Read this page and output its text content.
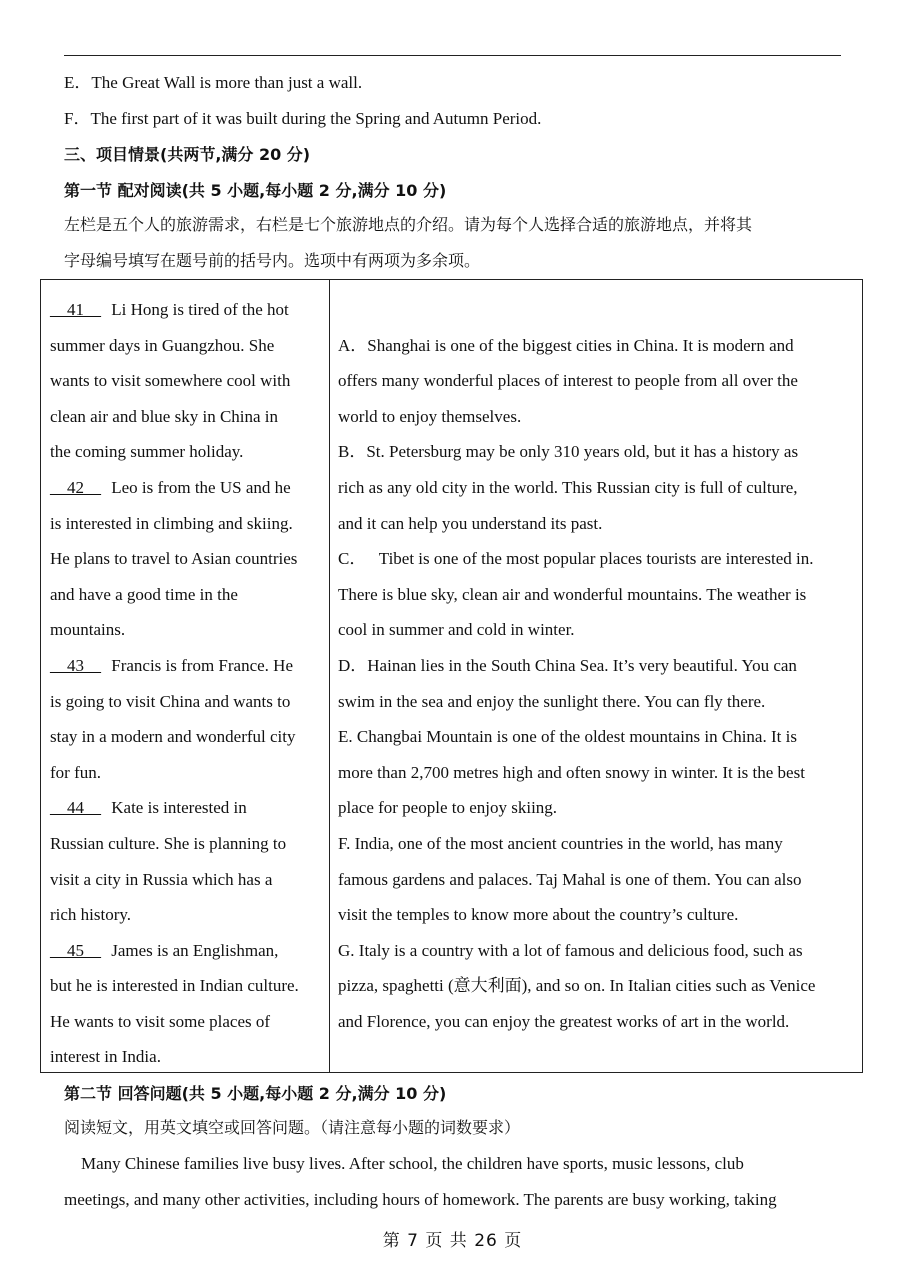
E．The Great Wall is more than just a wall.
F．The first part of it was built during the Spring and Autumn Period.
三、项目情景(共两节,满分 20 分)
第一节 配对阅读(共 5 小题,每小题 2 分,满分 10 分)
左栏是五个人的旅游需求，右栏是七个旅游地点的介绍。请为每个人选择合适的旅游地点，并将其
字母编号填写在题号前的括号内。选项中有两项为多余项。
__41__ Li Hong is tired of the hot
summer days in Guangzhou. She
wants to visit somewhere cool with
clean air and blue sky in China in
the coming summer holiday.
__42__ Leo is from the US and he
is interested in climbing and skiing.
He plans to travel to Asian countries
and have a good time in the
mountains.
__43__ Francis is from France. He
is going to visit China and wants to
stay in a modern and wonderful city
for fun.
__44__ Kate is interested in
Russian culture. She is planning to
visit a city in Russia which has a
rich history.
__45__ James is an Englishman,
but he is interested in Indian culture.
He wants to visit some places of
interest in India.
A．Shanghai is one of the biggest cities in China. It is modern and
offers many wonderful places of interest to people from all over the
world to enjoy themselves.
B．St. Petersburg may be only 310 years old, but it has a history as
rich as any old city in the world. This Russian city is full of culture,
and it can help you understand its past.
C．   Tibet is one of the most popular places tourists are interested in.
There is blue sky, clean air and wonderful mountains. The weather is
cool in summer and cold in winter.
D．Hainan lies in the South China Sea. It’s very beautiful. You can
swim in the sea and enjoy the sunlight there. You can fly there.
E. Changbai Mountain is one of the oldest mountains in China. It is
more than 2,700 metres high and often snowy in winter. It is the best
place for people to enjoy skiing.
F. India, one of the most ancient countries in the world, has many
famous gardens and palaces. Taj Mahal is one of them. You can also
visit the temples to know more about the country’s culture.
G. Italy is a country with a lot of famous and delicious food, such as
pizza, spaghetti (意大利面), and so on. In Italian cities such as Venice
and Florence, you can enjoy the greatest works of art in the world.
第二节 回答问题(共 5 小题,每小题 2 分,满分 10 分)
阅读短文，用英文填空或回答问题。（请注意每小题的词数要求）
Many Chinese families live busy lives. After school, the children have sports, music lessons, club
meetings, and many other activities, including hours of homework. The parents are busy working, taking
第 7 页 共 26 页
